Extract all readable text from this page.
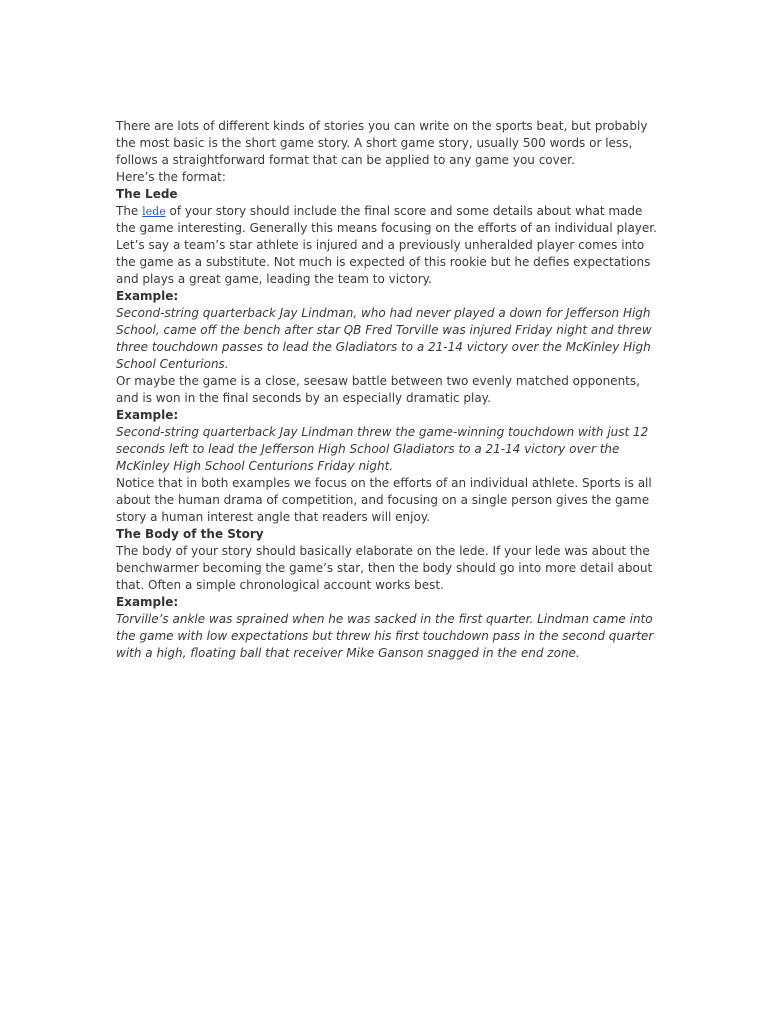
There are lots of different kinds of stories you can write on the sports beat, but probably the most basic is the short game story. A short game story, usually 500 words or less, follows a straightforward format that can be applied to any game you cover.

Here’s the format:

The Lede

The lede of your story should include the final score and some details about what made the game interesting. Generally this means focusing on the efforts of an individual player.

Let’s say a team’s star athlete is injured and a previously unheralded player comes into the game as a substitute. Not much is expected of this rookie but he defies expectations and plays a great game, leading the team to victory.

Example:

Second-string quarterback Jay Lindman, who had never played a down for Jefferson High School, came off the bench after star QB Fred Torville was injured Friday night and threw three touchdown passes to lead the Gladiators to a 21-14 victory over the McKinley High School Centurions.

Or maybe the game is a close, seesaw battle between two evenly matched opponents, and is won in the final seconds by an especially dramatic play.

Example:

Second-string quarterback Jay Lindman threw the game-winning touchdown with just 12 seconds left to lead the Jefferson High School Gladiators to a 21-14 victory over the McKinley High School Centurions Friday night.

Notice that in both examples we focus on the efforts of an individual athlete. Sports is all about the human drama of competition, and focusing on a single person gives the game story a human interest angle that readers will enjoy.

The Body of the Story

The body of your story should basically elaborate on the lede. If your lede was about the benchwarmer becoming the game’s star, then the body should go into more detail about that. Often a simple chronological account works best.

Example:

Torville’s ankle was sprained when he was sacked in the first quarter. Lindman came into the game with low expectations but threw his first touchdown pass in the second quarter with a high, floating ball that receiver Mike Ganson snagged in the end zone.
